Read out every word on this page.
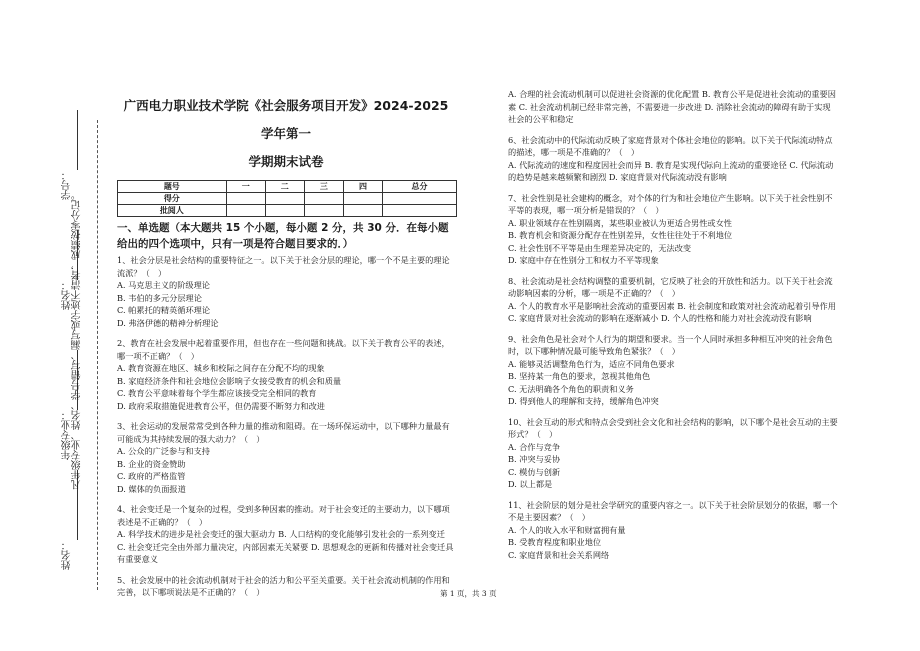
学号：
姓名：
年级专业：
姓名：
凡年级专业、姓名、学号错写、漏写或字迹不清者，成绩按零分记。

广西电力职业技术学院《社会服务项目开发》2024-2025 学年第一

学期期末试卷

题号	一	二	三	四	总分
得分					
批阅人					
一、单选题（本大题共 15 个小题，每小题 2 分，共 30 分．在每小题给出的四个选项中，只有一项是符合题目要求的．）

1、社会分层是社会结构的重要特征之一。以下关于社会分层的理论，哪一个不是主要的理论流派？（　）

A. 马克思主义的阶级理论

B. 韦伯的多元分层理论

C. 帕累托的精英循环理论

D. 弗洛伊德的精神分析理论

2、教育在社会发展中起着重要作用，但也存在一些问题和挑战。以下关于教育公平的表述，哪一项不正确？（　）

A. 教育资源在地区、城乡和校际之间存在分配不均的现象

B. 家庭经济条件和社会地位会影响子女接受教育的机会和质量

C. 教育公平意味着每个学生都应该接受完全相同的教育

D. 政府采取措施促进教育公平，但仍需要不断努力和改进

3、社会运动的发展常常受到各种力量的推动和阻碍。在一场环保运动中，以下哪种力量最有可能成为其持续发展的强大动力？（　）

A. 公众的广泛参与和支持

B. 企业的资金赞助

C. 政府的严格监管

D. 媒体的负面报道

4、社会变迁是一个复杂的过程，受到多种因素的推动。对于社会变迁的主要动力，以下哪项表述是不正确的？（　）

A. 科学技术的进步是社会变迁的强大驱动力 B. 人口结构的变化能够引发社会的一系列变迁 C. 社会变迁完全由外部力量决定，内部因素无关紧要 D. 思想观念的更新和传播对社会变迁具有重要意义

5、社会发展中的社会流动机制对于社会的活力和公平至关重要。关于社会流动机制的作用和完善，以下哪项说法是不正确的？（　）

A. 合理的社会流动机制可以促进社会资源的优化配置 B. 教育公平是促进社会流动的重要因素 C. 社会流动机制已经非常完善，不需要进一步改进 D. 消除社会流动的障碍有助于实现社会的公平和稳定

6、社会流动中的代际流动反映了家庭背景对个体社会地位的影响。以下关于代际流动特点的描述，哪一项是不准确的？（　）

A. 代际流动的速度和程度因社会而异 B. 教育是实现代际向上流动的重要途径 C. 代际流动的趋势是越来越频繁和剧烈 D. 家庭背景对代际流动没有影响

7、社会性别是社会建构的概念，对个体的行为和社会地位产生影响。以下关于社会性别不平等的表现，哪一项分析是错误的？（　）

A. 职业领域存在性别隔离，某些职业被认为更适合男性或女性

B. 教育机会和资源分配存在性别差异，女性往往处于不利地位

C. 社会性别不平等是由生理差异决定的，无法改变

D. 家庭中存在性别分工和权力不平等现象

8、社会流动是社会结构调整的重要机制，它反映了社会的开放性和活力。以下关于社会流动影响因素的分析，哪一项是不正确的？（　）

A. 个人的教育水平是影响社会流动的重要因素 B. 社会制度和政策对社会流动起着引导作用 C. 家庭背景对社会流动的影响在逐渐减小 D. 个人的性格和能力对社会流动没有影响

9、社会角色是社会对个人行为的期望和要求。当一个人同时承担多种相互冲突的社会角色时，以下哪种情况最可能导致角色紧张？（　）

A. 能够灵活调整角色行为，适应不同角色要求

B. 坚持某一角色的要求，忽视其他角色

C. 无法明确各个角色的职责和义务

D. 得到他人的理解和支持，缓解角色冲突

10、社会互动的形式和特点会受到社会文化和社会结构的影响，以下哪个是社会互动的主要形式？（　）

A. 合作与竞争

B. 冲突与妥协

C. 模仿与创新

D. 以上都是

11、社会阶层的划分是社会学研究的重要内容之一。以下关于社会阶层划分的依据，哪一个不是主要因素？（　）

A. 个人的收入水平和财富拥有量

B. 受教育程度和职业地位

C. 家庭背景和社会关系网络

第 1 页，共 3 页
